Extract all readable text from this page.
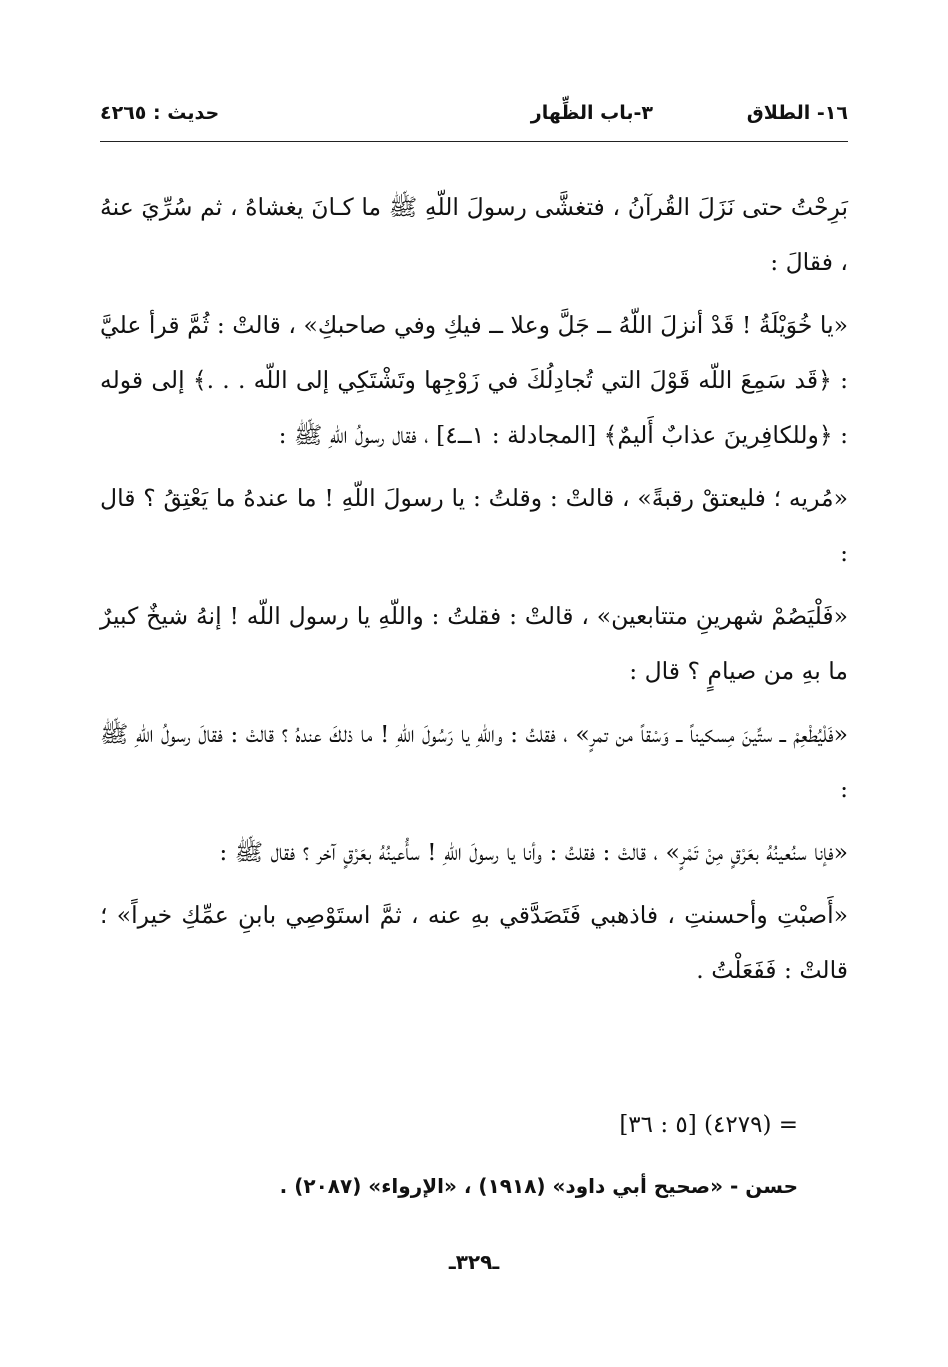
١٦- الطلاق
٣-باب الظِّهار
حديث : ٤٢٦٥

بَرِحْتُ حتى نَزَلَ القُرآنُ ، فتغشَّى رسولَ اللّهِ ﷺ ما كـانَ يغشاهُ ، ثم سُرِّيَ عنهُ ، فقالَ :

«يا خُوَيْلَةُ ! قَدْ أنزلَ اللّهُ ــ جَلَّ وعلا ــ فيكِ وفي صاحبكِ» ، قالتْ : ثُمَّ قرأ عليَّ : ﴿قَد سَمِعَ اللّه قَوْلَ التي تُجادِلُكَ في زَوْجِها وتَشْتَكِي إلى اللّه . . .﴾ إلى قوله : ﴿وللكافِرينَ عذابٌ أَليمٌ﴾ [المجادلة : ١ــ٤] ، فقال رسولُ اللّهِ ﷺ :

«مُريه ؛ فليعتقْ رقبةً» ، قالتْ : وقلتُ : يا رسولَ اللّهِ ! ما عندهُ ما يَعْتِقُ ؟ قال :

«فَلْيَصُمْ شهرينِ متتابعين» ، قالتْ : فقلتُ : واللّهِ يا رسول اللّه ! إنهُ شيخٌ كبيرٌ ما بهِ من صيامٍ ؟ قال :

«فَلْيُطْعِمْ ــ ستِّينَ مِسكيناً ــ وَسْقاً من تمرٍ» ، فقلتُ : واللّهِ يا رَسُولَ اللّهِ ! ما ذلكَ عندهُ ؟ قالتْ : فقالَ رسولُ اللّهِ ﷺ :

«فإنا سنُعينُهُ بعَرْقٍ مِنْ تَمْرٍ» ، قالتْ : فقلتُ : وأنا يا رسولَ اللّهِ ! سأُعينُهُ بعَرْقٍ آخر ؟ فقال ﷺ :

«أَصبْتِ وأحسنتِ ، فاذهبي فَتَصَدَّقي بهِ عنه ، ثمَّ استَوْصِي بابنِ عمِّكِ خيراً» ؛ قالتْ : فَفَعَلْتُ .

= (٤٢٧٩) [٥ : ٣٦]
حسن - «صحيح أبي داود» (١٩١٨) ، «الإرواء» (٢٠٨٧) .
ـ٣٢٩ـ
